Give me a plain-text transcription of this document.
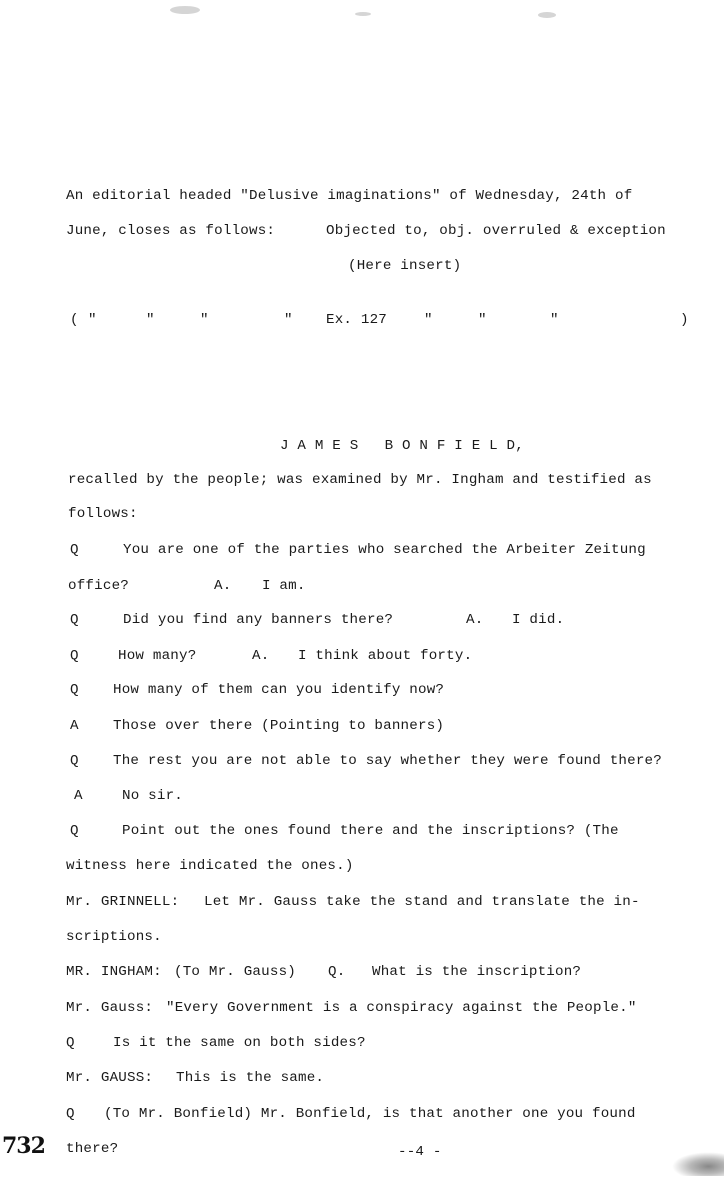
An editorial headed "Delusive imaginations" of Wednesday, 24th of
June, closes as follows:	Objected to, obj. overruled & exception
(Here insert)
( "	"	"	" Ex. 127	"	"	"	)
J A M E S   B O N F I E L D,
recalled by the people; was examined by Mr. Ingham and testified as
follows:
Q	You are one of the parties who searched the Arbeiter Zeitung
office?	A. I am.
Q	Did you find any banners there?	A. I did.
Q	How many?	A. I think about forty.
Q How many of them can you identify now?
A Those over there (Pointing to banners)
Q The rest you are not able to say whether they were found there?
A	No sir.
Q	Point out the ones found there and the inscriptions? (The
witness here indicated the ones.)
Mr. GRINNELL: Let Mr. Gauss take the stand and translate the in-
scriptions.
MR. INGHAM: (To Mr. Gauss) Q. What is the inscription?
Mr. Gauss: "Every Government is a conspiracy against the People."
Q	Is it the same on both sides?
Mr. GAUSS: This is the same.
Q (To Mr. Bonfield) Mr. Bonfield, is that another one you found
there?	--4 -
732
